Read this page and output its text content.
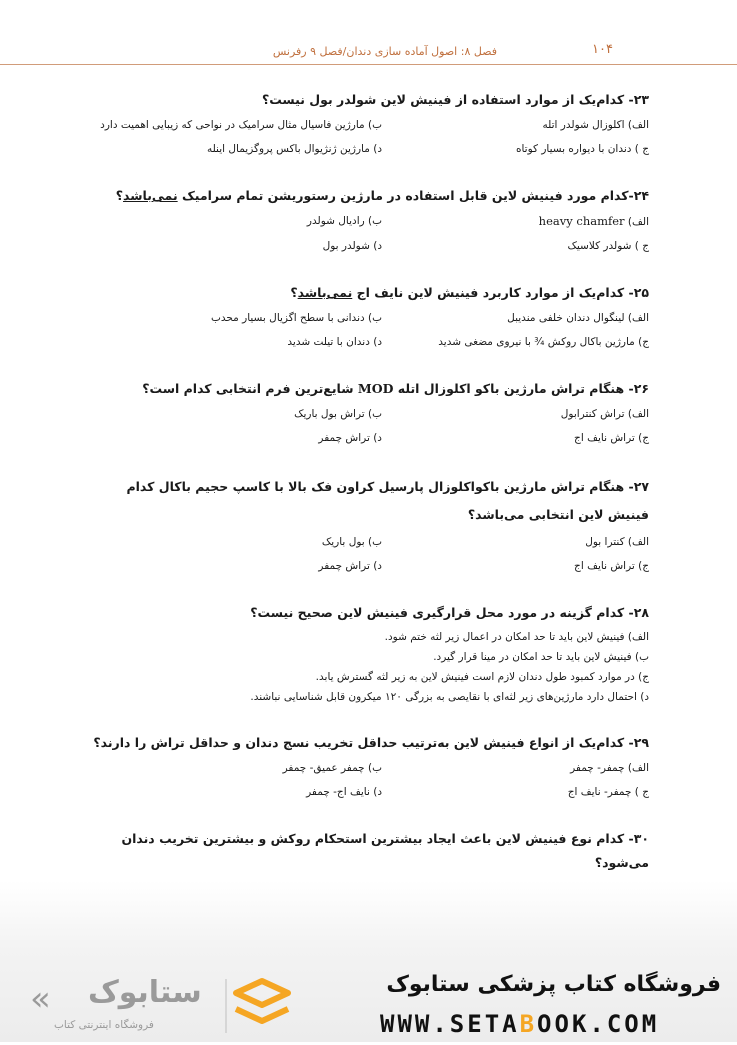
۱۰۴
فصل ۸: اصول آماده سازی دندان/فصل ۹ رفرنس
۲۳- کدام‌یک از موارد استفاده از فینیش لاین شولدر بول نیست؟
الف) اکلوزال شولدر اتله
ب) مارژین فاسیال مثال سرامیک در نواحی که زیبایی اهمیت دارد
ج ) دندان با دیواره بسیار کوتاه
د) مارژین ژنژیوال باکس پروگزیمال اینله
۲۴-کدام مورد فینیش لاین قابل استفاده در مارژین رستوریشن تمام سرامیک نمی‌باشد؟
الف) heavy chamfer
ب) رادیال شولدر
ج ) شولدر کلاسیک
د) شولدر بول
۲۵- کدام‌یک از موارد کاربرد فینیش لاین نایف اج نمی‌باشد؟
الف) لینگوال دندان خلفی مندیبل
ب) دندانی با سطح اگزیال بسیار محدب
ج) مارژین باکال روکش ¾ با نیروی مضغی شدید
د) دندان با تیلت شدید
۲۶- هنگام تراش مارژین باکو اکلوزال اتله MOD شایع‌ترین فرم انتخابی کدام است؟
الف) تراش کنترابول
ب) تراش بول باریک
ج) تراش نایف اج
د) تراش چمفر
۲۷- هنگام تراش مارژین باکواکلوزال پارسیل کراون فک بالا با کاسپ حجیم باکال کدام فینیش لاین انتخابی می‌باشد؟
الف) کنترا بول
ب) بول باریک
ج) تراش نایف اج
د) تراش چمفر
۲۸- کدام گزینه در مورد محل قرارگیری فینیش لاین صحیح نیست؟
الف) فینیش لاین باید تا حد امکان در اعمال زیر لثه ختم شود.
ب) فینیش لاین باید تا حد امکان در مینا قرار گیرد.
ج) در موارد کمبود طول دندان لازم است فینیش لاین به زیر لثه گسترش یابد.
د) احتمال دارد مارژین‌های زیر لثه‌ای با نقایصی به بزرگی ۱۲۰ میکرون قابل شناسایی نباشند.
۲۹- کدام‌یک از انواع فینیش لاین به‌ترتیب حداقل تخریب نسج دندان و حداقل تراش را دارند؟
الف) چمفر- چمفر
ب) چمفر عمیق- چمفر
ج ) چمفر- نایف اج
د) نایف اج- چمفر
۳۰- کدام نوع فینیش لاین باعث ایجاد بیشترین استحکام روکش و بیشترین تخریب دندان می‌شود؟
« ستابوک
فروشگاه اینترنتی کتاب
فروشگاه کتاب پزشکی ستابوک
WWW.SETABOOK.COM
